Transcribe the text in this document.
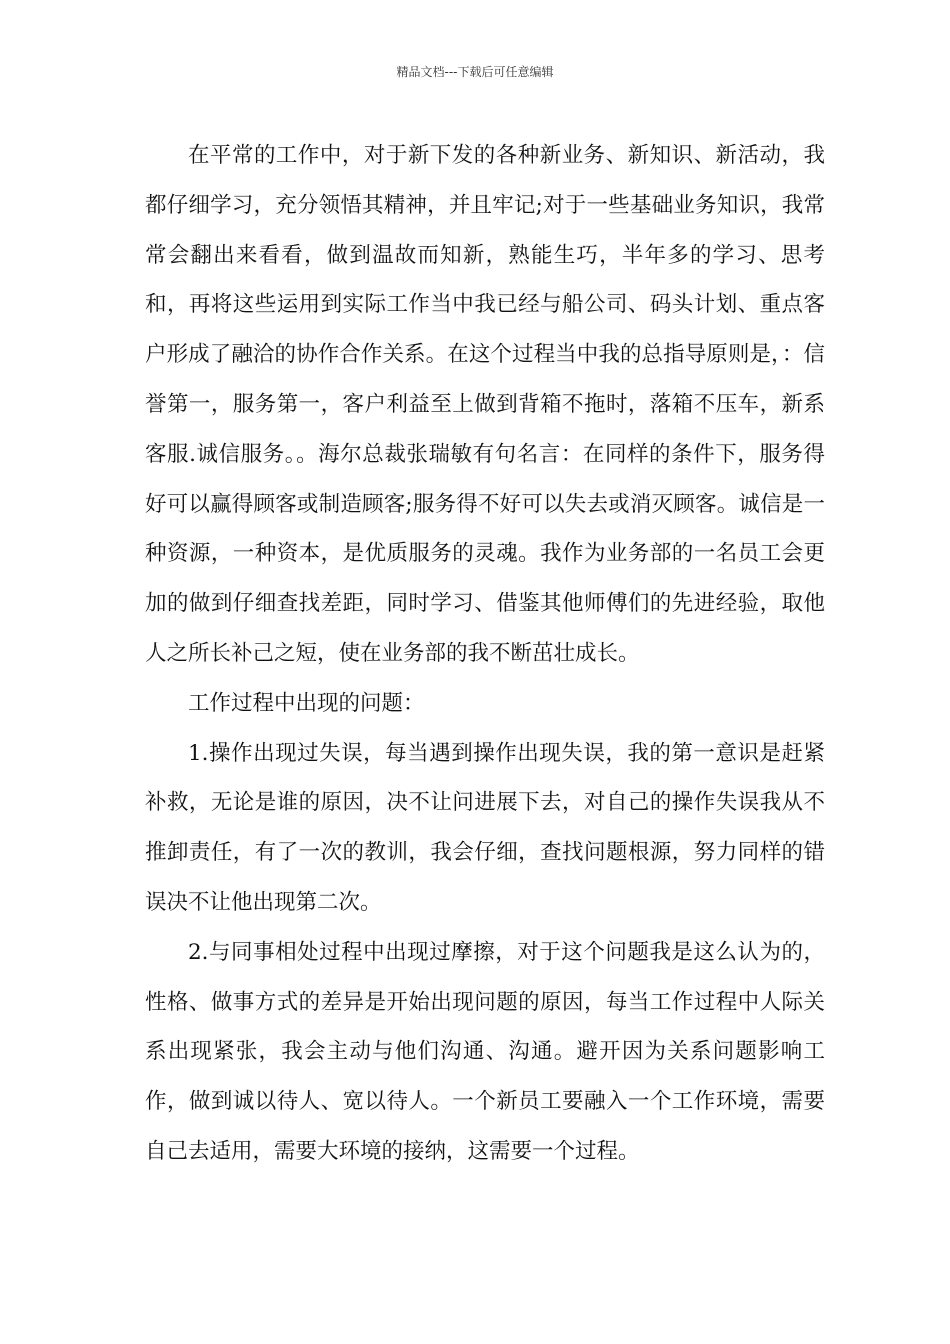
精品文档---下载后可任意编辑

在平常的工作中，对于新下发的各种新业务、新知识、新活动，我都仔细学习，充分领悟其精神，并且牢记;对于一些基础业务知识，我常常会翻出来看看，做到温故而知新，熟能生巧，半年多的学习、思考和，再将这些运用到实际工作当中我已经与船公司、码头计划、重点客户形成了融洽的协作合作关系。在这个过程当中我的总指导原则是，：信誉第一，服务第一，客户利益至上做到背箱不拖时，落箱不压车，新系客服.诚信服务。。海尔总裁张瑞敏有句名言：在同样的条件下，服务得好可以赢得顾客或制造顾客;服务得不好可以失去或消灭顾客。诚信是一种资源，一种资本，是优质服务的灵魂。我作为业务部的一名员工会更加的做到仔细查找差距，同时学习、借鉴其他师傅们的先进经验，取他人之所长补己之短，使在业务部的我不断茁壮成长。

工作过程中出现的问题：

1.操作出现过失误，每当遇到操作出现失误，我的第一意识是赶紧补救，无论是谁的原因，决不让问进展下去，对自己的操作失误我从不推卸责任，有了一次的教训，我会仔细，查找问题根源，努力同样的错误决不让他出现第二次。

2.与同事相处过程中出现过摩擦，对于这个问题我是这么认为的，性格、做事方式的差异是开始出现问题的原因，每当工作过程中人际关系出现紧张，我会主动与他们沟通、沟通。避开因为关系问题影响工作，做到诚以待人、宽以待人。一个新员工要融入一个工作环境，需要自己去适用，需要大环境的接纳，这需要一个过程。
